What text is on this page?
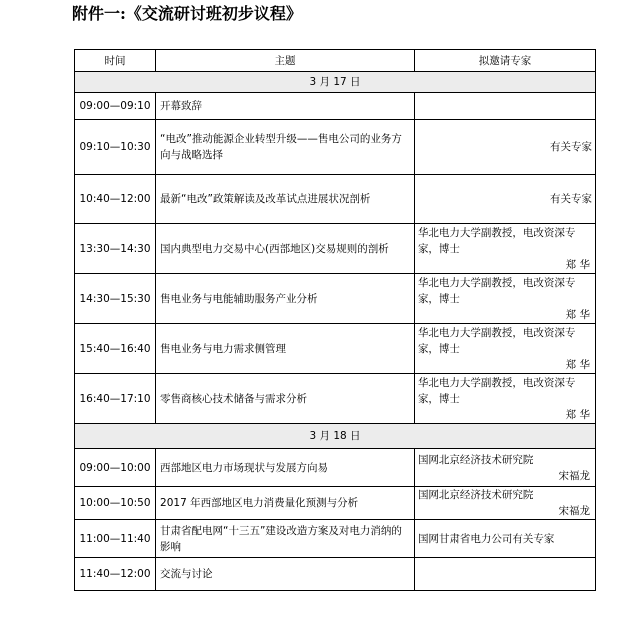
附件一:《交流研讨班初步议程》
时间	主题	拟邀请专家
3 月 17 日		
09:00—09:10	开幕致辞	
09:10—10:30	“电改”推动能源企业转型升级——售电公司的业务方向与战略选择	有关专家

10:40—12:00	最新“电改”政策解读及改革试点进展状况剖析	有关专家

13:30—14:30	国内典型电力交易中心(西部地区)交易规则的剖析	华北电力大学副教授，电改资深专家，博士
郑 华

14:30—15:30	售电业务与电能辅助服务产业分析	华北电力大学副教授，电改资深专家，博士
郑 华

15:40—16:40	售电业务与电力需求侧管理	华北电力大学副教授，电改资深专家，博士
郑 华

16:40—17:10	零售商核心技术储备与需求分析	华北电力大学副教授，电改资深专家，博士
郑 华

3 月 18 日		
09:00—10:00	西部地区电力市场现状与发展方向易	国网北京经济技术研究院
宋福龙

10:00—10:50	2017 年西部地区电力消费量化预测与分析	国网北京经济技术研究院
宋福龙

11:00—11:40	甘肃省配电网“十三五”建设改造方案及对电力消纳的影响	国网甘肃省电力公司有关专家

11:40—12:00	交流与讨论	
